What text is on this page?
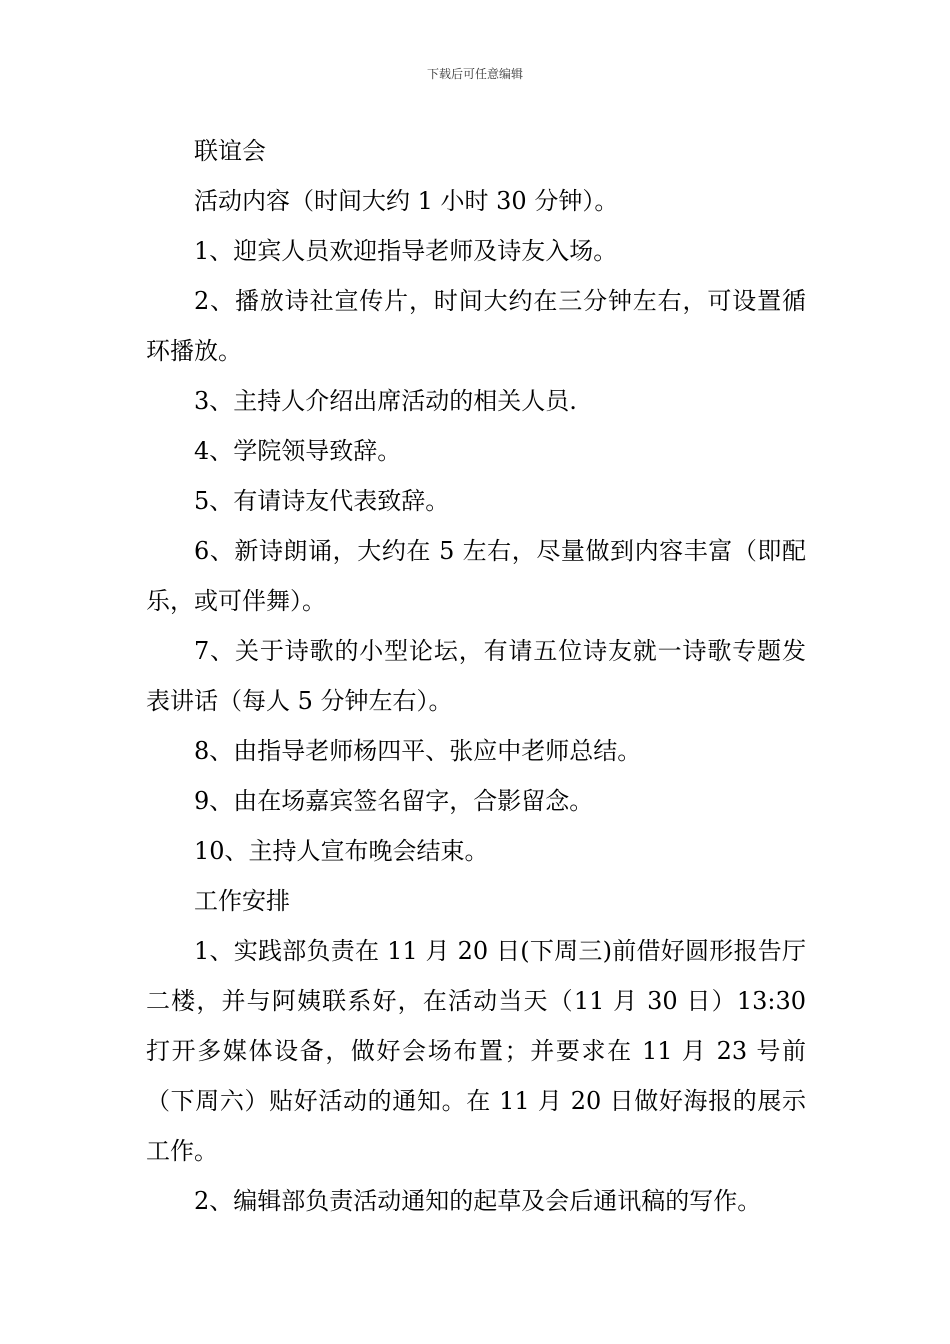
下载后可任意编辑

联谊会

活动内容（时间大约 1 小时 30 分钟）。

1、迎宾人员欢迎指导老师及诗友入场。

2、播放诗社宣传片，时间大约在三分钟左右，可设置循环播放。

3、主持人介绍出席活动的相关人员.

4、学院领导致辞。

5、有请诗友代表致辞。

6、新诗朗诵，大约在 5 左右，尽量做到内容丰富（即配乐，或可伴舞）。

7、关于诗歌的小型论坛，有请五位诗友就一诗歌专题发表讲话（每人 5 分钟左右）。

8、由指导老师杨四平、张应中老师总结。

9、由在场嘉宾签名留字，合影留念。

10、主持人宣布晚会结束。

工作安排

1、实践部负责在 11 月 20 日(下周三)前借好圆形报告厅二楼，并与阿姨联系好，在活动当天（11 月 30 日）13:30 打开多媒体设备，做好会场布置；并要求在 11 月 23 号前（下周六）贴好活动的通知。在 11 月 20 日做好海报的展示工作。

2、编辑部负责活动通知的起草及会后通讯稿的写作。
